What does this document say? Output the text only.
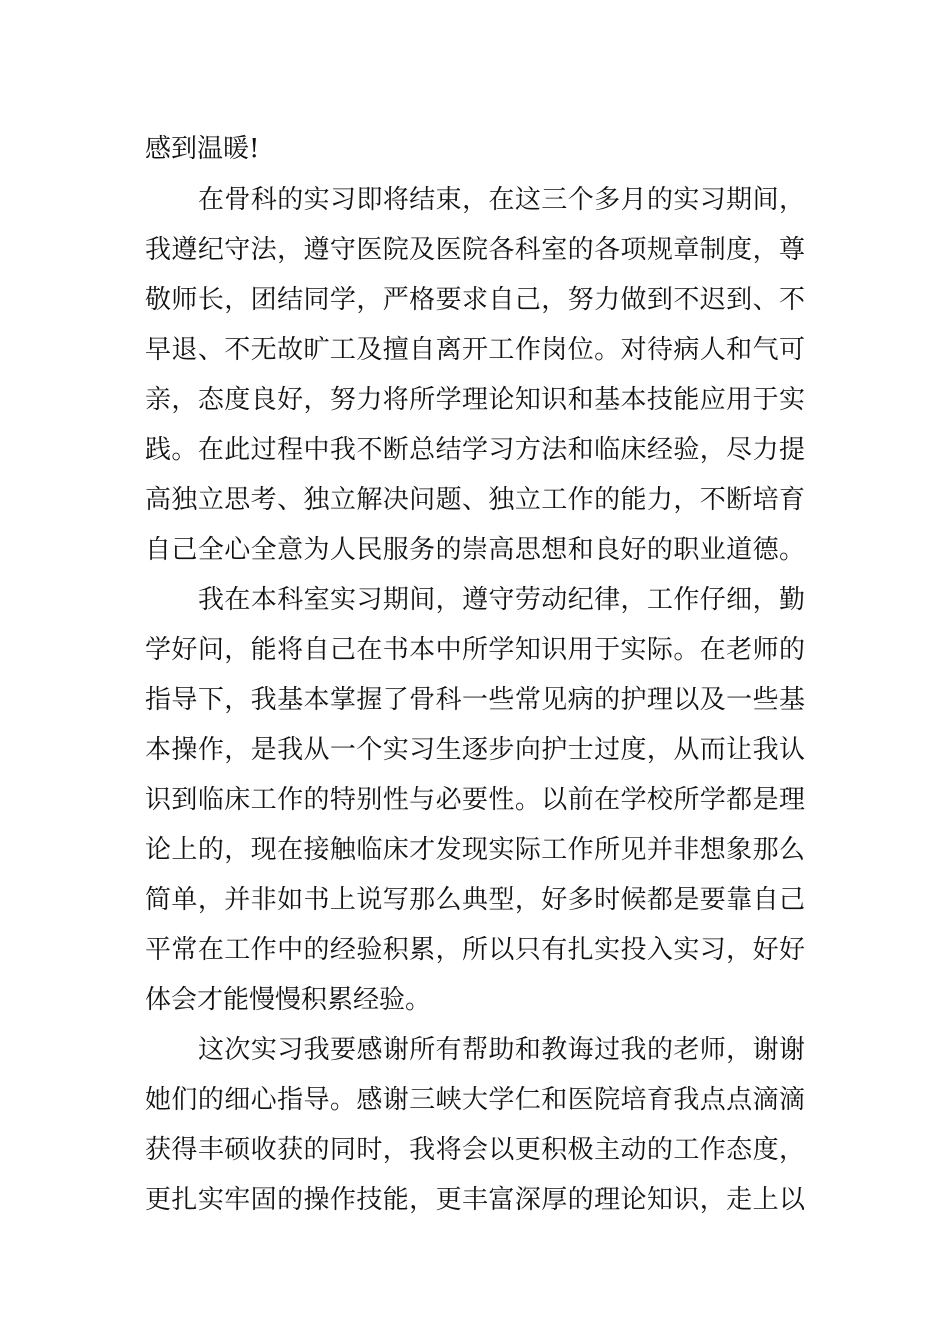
感到温暖!
在骨科的实习即将结束，在这三个多月的实习期间，
我遵纪守法，遵守医院及医院各科室的各项规章制度，尊
敬师长，团结同学，严格要求自己，努力做到不迟到、不
早退、不无故旷工及擅自离开工作岗位。对待病人和气可
亲，态度良好，努力将所学理论知识和基本技能应用于实
践。在此过程中我不断总结学习方法和临床经验，尽力提
高独立思考、独立解决问题、独立工作的能力，不断培育
自己全心全意为人民服务的崇高思想和良好的职业道德。
我在本科室实习期间，遵守劳动纪律，工作仔细，勤
学好问，能将自己在书本中所学知识用于实际。在老师的
指导下，我基本掌握了骨科一些常见病的护理以及一些基
本操作，是我从一个实习生逐步向护士过度，从而让我认
识到临床工作的特别性与必要性。以前在学校所学都是理
论上的，现在接触临床才发现实际工作所见并非想象那么
简单，并非如书上说写那么典型，好多时候都是要靠自己
平常在工作中的经验积累，所以只有扎实投入实习，好好
体会才能慢慢积累经验。
这次实习我要感谢所有帮助和教诲过我的老师，谢谢
她们的细心指导。感谢三峡大学仁和医院培育我点点滴滴
获得丰硕收获的同时，我将会以更积极主动的工作态度，
更扎实牢固的操作技能，更丰富深厚的理论知识，走上以
